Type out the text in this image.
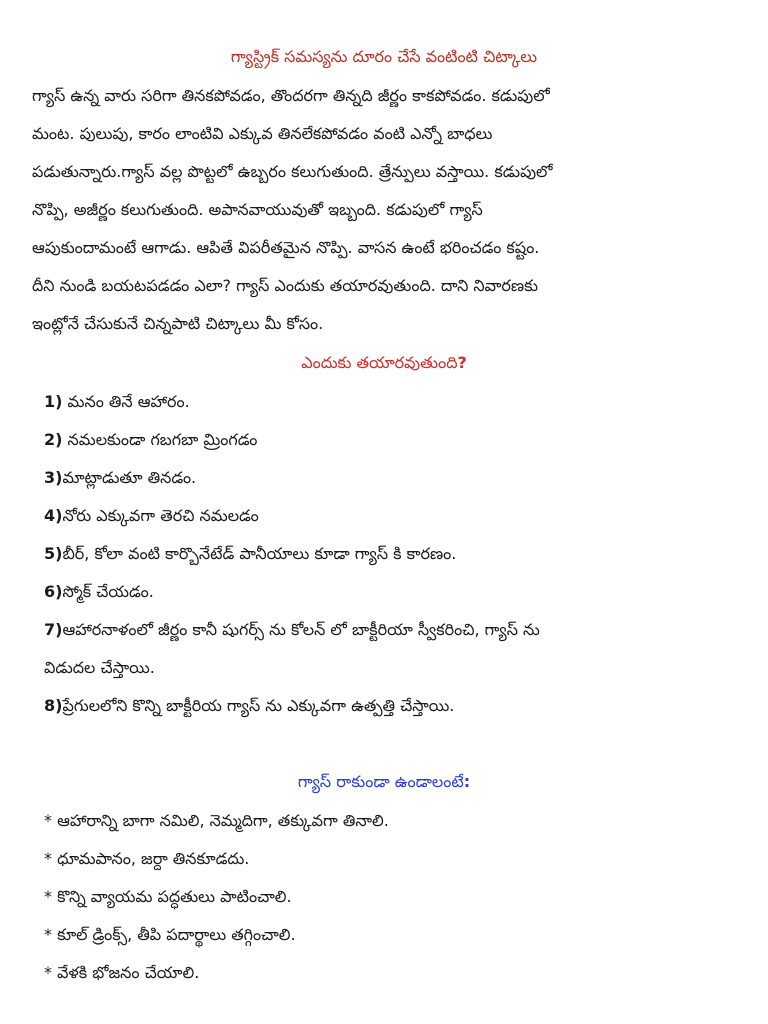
గ్యాస్ట్రిక్ సమస్యను దూరం చేసే వంటింటి చిట్కాలు
గ్యాస్ ఉన్న వారు సరిగా తినకపోవడం, తొందరగా తిన్నది జీర్ణం కాకపోవడం. కడుపులో
మంట. పులుపు, కారం లాంటివి ఎక్కువ తినలేకపోవడం వంటి ఎన్నో బాధలు
పడుతున్నారు.గ్యాస్ వల్ల పొట్టలో ఉబ్బరం కలుగుతుంది. త్రేన్పులు వస్తాయి. కడుపులో
నొప్పి, అజీర్ణం కలుగుతుంది. అపానవాయువుతో ఇబ్బంది. కడుపులో గ్యాస్
ఆపుకుందామంటే ఆగాడు. ఆపితే విపరీతమైన నొప్పి. వాసన ఉంటే భరించడం కష్టం.
దీని నుండి బయటపడడం ఎలా? గ్యాస్ ఎందుకు తయారవుతుంది. దాని నివారణకు
ఇంట్లోనే చేసుకునే చిన్నపాటి చిట్కాలు మీ కోసం.
ఎందుకు తయారవుతుంది?
1) మనం తినే ఆహారం.
2) నమలకుండా గబగబా మ్రింగడం
3)మాట్లాడుతూ తినడం.
4)నోరు ఎక్కువగా తెరచి నమలడం
5)బీర్, కోలా వంటి కార్బొనేటేడ్ పానీయాలు కూడా గ్యాస్ కి కారణం.
6)స్మోక్ చేయడం.
7)ఆహారనాళంలో జీర్ణం కానీ షుగర్స్ ను కోలన్ లో బాక్టీరియా స్వీకరించి, గ్యాస్ ను
విడుదల చేస్తాయి.
8)ప్రేగులలోని కొన్ని బాక్టీరియ గ్యాస్ ను ఎక్కువగా ఉత్పత్తి చేస్తాయి.
గ్యాస్ రాకుండా ఉండాలంటే:
* ఆహారాన్ని బాగా నమిలి, నెమ్మదిగా, తక్కువగా తినాలి.
* ధూమపానం, జర్దా తినకూడదు.
* కొన్ని వ్యాయమ పద్ధతులు పాటించాలి.
* కూల్ డ్రింక్స్, తీపి పదార్థాలు తగ్గించాలి.
* వేళకి భోజనం చేయాలి.
